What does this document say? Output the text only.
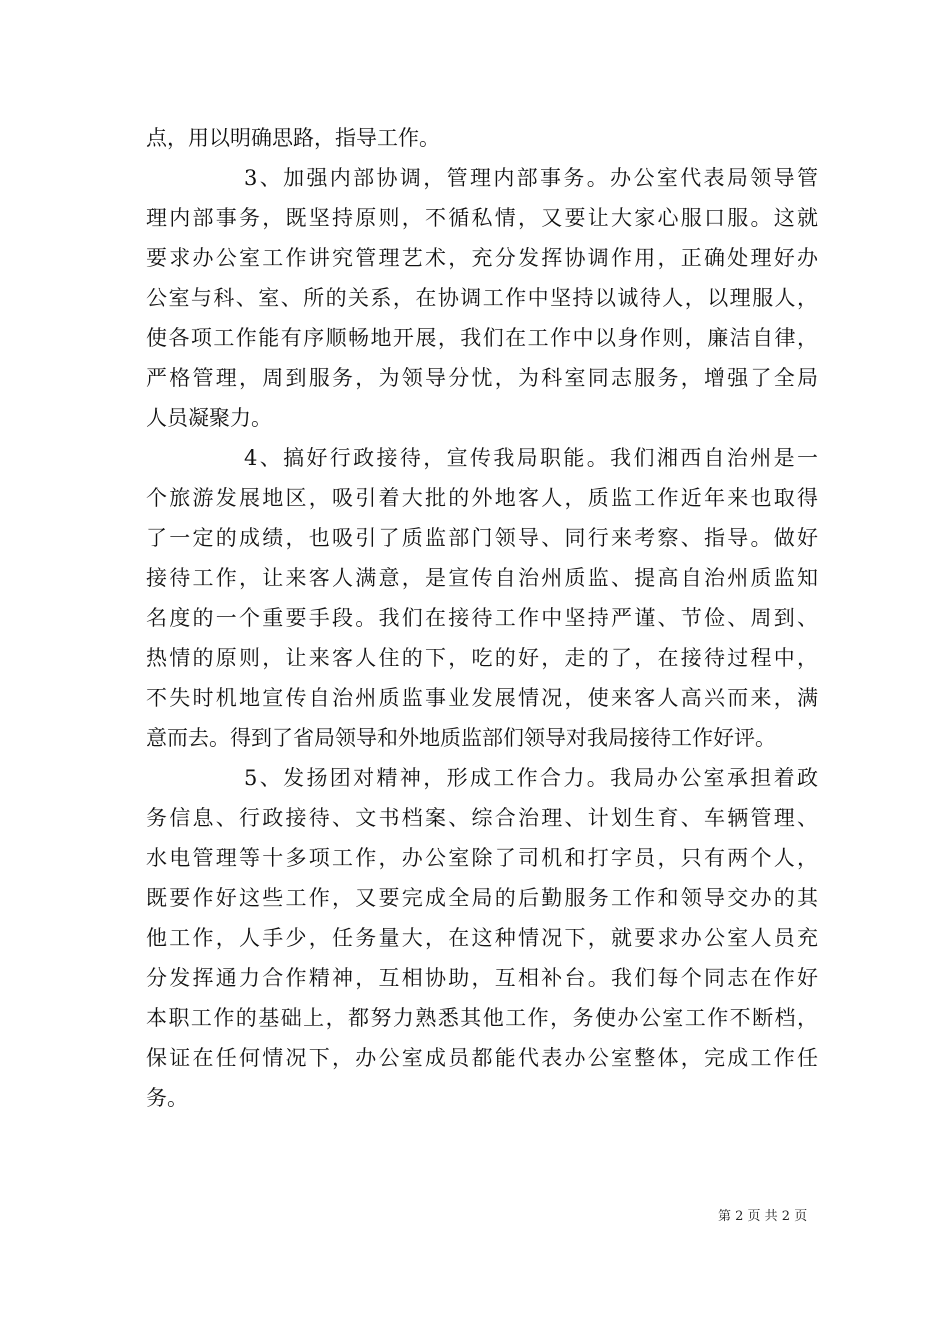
点，用以明确思路，指导工作。
3、加强内部协调，管理内部事务。办公室代表局领导管
理内部事务，既坚持原则，不循私情，又要让大家心服口服。这就
要求办公室工作讲究管理艺术，充分发挥协调作用，正确处理好办
公室与科、室、所的关系，在协调工作中坚持以诚待人，以理服人，
使各项工作能有序顺畅地开展，我们在工作中以身作则，廉洁自律，
严格管理，周到服务，为领导分忧，为科室同志服务，增强了全局
人员凝聚力。
4、搞好行政接待，宣传我局职能。我们湘西自治州是一
个旅游发展地区，吸引着大批的外地客人，质监工作近年来也取得
了一定的成绩，也吸引了质监部门领导、同行来考察、指导。做好
接待工作，让来客人满意，是宣传自治州质监、提高自治州质监知
名度的一个重要手段。我们在接待工作中坚持严谨、节俭、周到、
热情的原则，让来客人住的下，吃的好，走的了，在接待过程中，
不失时机地宣传自治州质监事业发展情况，使来客人高兴而来，满
意而去。得到了省局领导和外地质监部们领导对我局接待工作好评。
5、发扬团对精神，形成工作合力。我局办公室承担着政
务信息、行政接待、文书档案、综合治理、计划生育、车辆管理、
水电管理等十多项工作，办公室除了司机和打字员，只有两个人，
既要作好这些工作，又要完成全局的后勤服务工作和领导交办的其
他工作，人手少，任务量大，在这种情况下，就要求办公室人员充
分发挥通力合作精神，互相协助，互相补台。我们每个同志在作好
本职工作的基础上，都努力熟悉其他工作，务使办公室工作不断档，
保证在任何情况下，办公室成员都能代表办公室整体，完成工作任
务。
第 2 页 共 2 页
